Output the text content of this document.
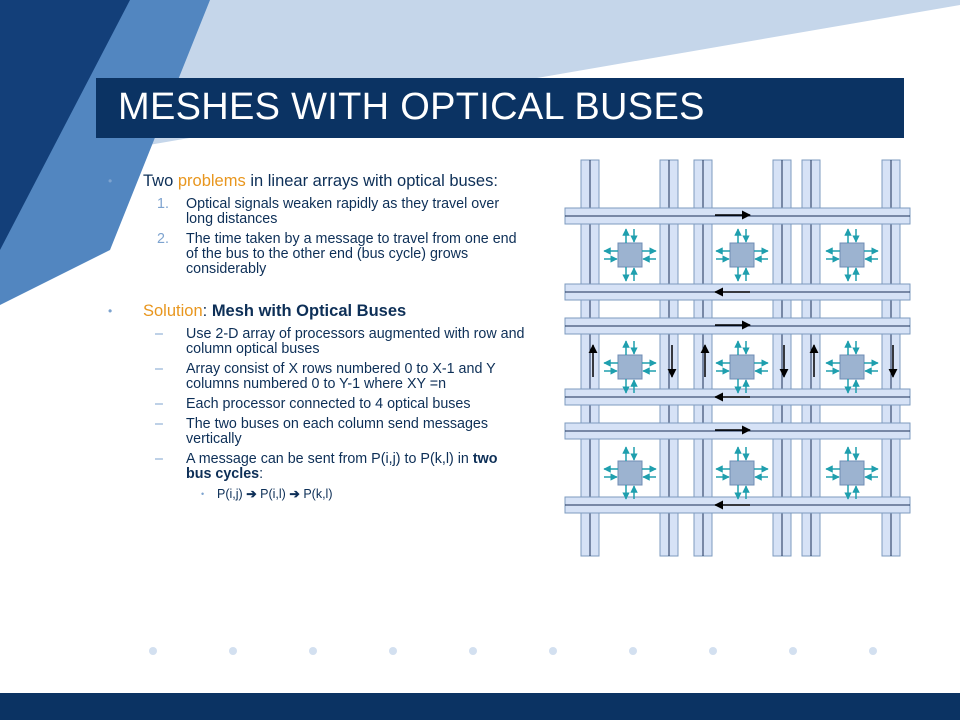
MESHES WITH OPTICAL BUSES
• Two problems in linear arrays with optical buses:
1. Optical signals weaken rapidly as they travel over long distances
2. The time taken by a message to travel from one end of the bus to the other end (bus cycle) grows considerably
• Solution: Mesh with Optical Buses
– Use 2-D array of processors augmented with row and column optical buses
– Array consist of X rows numbered 0 to X-1 and Y columns numbered 0 to Y-1 where XY =n
– Each processor connected to 4 optical buses
– The two buses on each column send messages vertically
– A message can be sent from P(i,j) to P(k,l) in two bus cycles:
• P(i,j) ➔ P(i,l) ➔ P(k,l)
